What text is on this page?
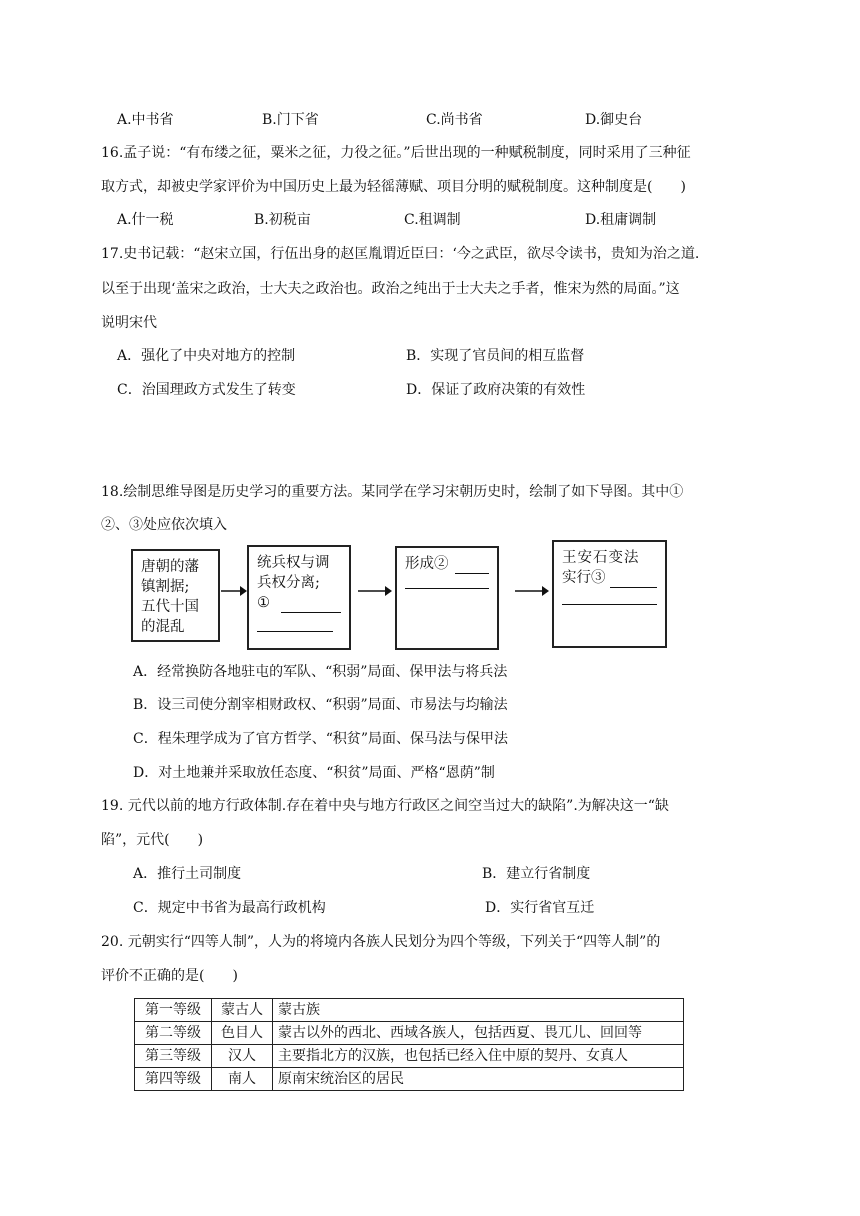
A.中书省	B.门下省	C.尚书省	D.御史台
16.孟子说：“有布缕之征，粟米之征，力役之征。”后世出现的一种赋税制度，同时采用了三种征
取方式，却被史学家评价为中国历史上最为轻徭薄赋、项目分明的赋税制度。这种制度是(　　)
A.什一税	B.初税亩	C.租调制	D.租庸调制
17.史书记载：“赵宋立国，行伍出身的赵匡胤谓近臣曰：‘今之武臣，欲尽令读书，贵知为治之道.
以至于出现‘盖宋之政治，士大夫之政治也。政治之纯出于士大夫之手者，惟宋为然的局面。”这
说明宋代
A．强化了中央对地方的控制	B．实现了官员间的相互监督
C．治国理政方式发生了转变	D．保证了政府决策的有效性
18.绘制思维导图是历史学习的重要方法。某同学在学习宋朝历史时，绘制了如下导图。其中①
②、③处应依次填入
唐朝的藩
镇割据;
五代十国
的混乱
统兵权与调
兵权分离;
①
形成②	王安石变法
实行③
A．经常换防各地驻屯的军队、“积弱”局面、保甲法与将兵法
B．设三司使分割宰相财政权、“积弱”局面、市易法与均输法
C．程朱理学成为了官方哲学、“积贫”局面、保马法与保甲法
D．对土地兼并采取放任态度、“积贫”局面、严格“恩荫”制
19. 元代以前的地方行政体制.存在着中央与地方行政区之间空当过大的缺陷”.为解决这一“缺
陷”，元代(　　)
A．推行土司制度	B．建立行省制度
C．规定中书省为最高行政机构	D．实行省官互迁
20. 元朝实行“四等人制”，人为的将境内各族人民划分为四个等级，下列关于“四等人制”的
评价不正确的是(　　)
第一等级	蒙古人	蒙古族
第二等级	色目人	蒙古以外的西北、西域各族人，包括西夏、畏兀儿、回回等
第三等级	汉人	主要指北方的汉族，也包括已经入住中原的契丹、女真人
第四等级	南人	原南宋统治区的居民
